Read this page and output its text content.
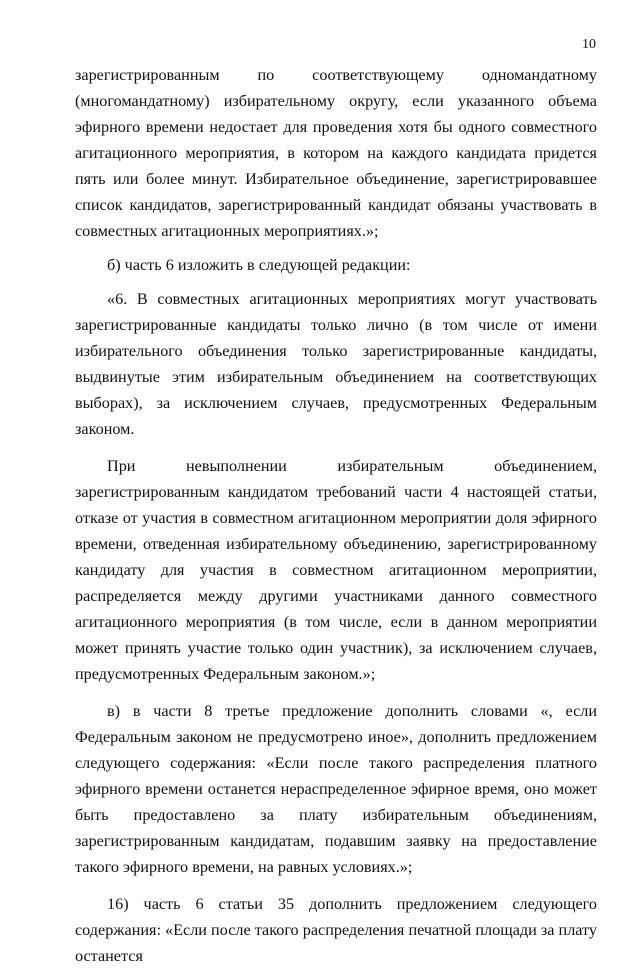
10

зарегистрированным по соответствующему одномандатному (многомандатному) избирательному округу, если указанного объема эфирного времени недостает для проведения хотя бы одного совместного агитационного мероприятия, в котором на каждого кандидата придется пять или более минут. Избирательное объединение, зарегистрировавшее список кандидатов, зарегистрированный кандидат обязаны участвовать в совместных агитационных мероприятиях.»;

б) часть 6 изложить в следующей редакции:

«6. В совместных агитационных мероприятиях могут участвовать зарегистрированные кандидаты только лично (в том числе от имени избирательного объединения только зарегистрированные кандидаты, выдвинутые этим избирательным объединением на соответствующих выборах), за исключением случаев, предусмотренных Федеральным законом.

При невыполнении избирательным объединением, зарегистрированным кандидатом требований части 4 настоящей статьи, отказе от участия в совместном агитационном мероприятии доля эфирного времени, отведенная избирательному объединению, зарегистрированному кандидату для участия в совместном агитационном мероприятии, распределяется между другими участниками данного совместного агитационного мероприятия (в том числе, если в данном мероприятии может принять участие только один участник), за исключением случаев, предусмотренных Федеральным законом.»;

в) в части 8 третье предложение дополнить словами «, если Федеральным законом не предусмотрено иное», дополнить предложением следующего содержания: «Если после такого распределения платного эфирного времени останется нераспределенное эфирное время, оно может быть предоставлено за плату избирательным объединениям, зарегистрированным кандидатам, подавшим заявку на предоставление такого эфирного времени, на равных условиях.»;

16) часть 6 статьи 35 дополнить предложением следующего содержания: «Если после такого распределения печатной площади за плату останется
